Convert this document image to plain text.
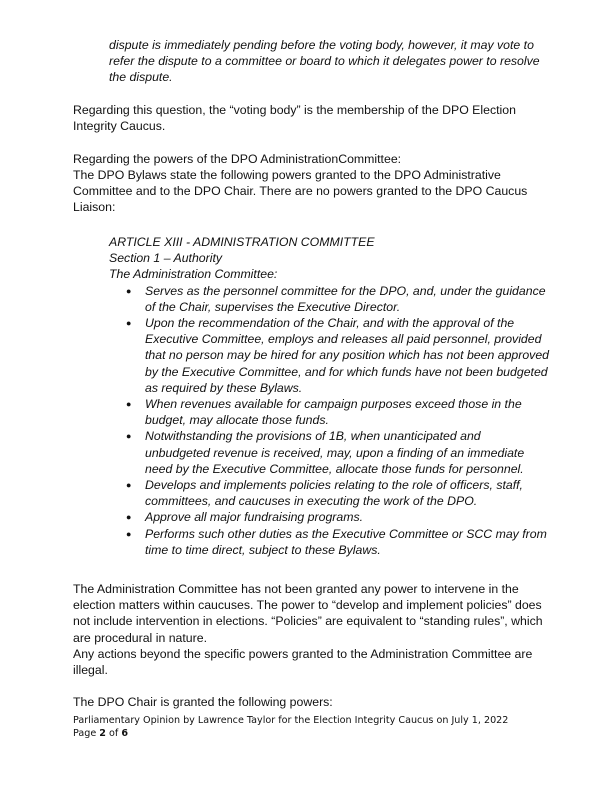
dispute is immediately pending before the voting body, however, it may vote to refer the dispute to a committee or board to which it delegates power to resolve the dispute.

Regarding this question, the “voting body” is the membership of the DPO Election Integrity Caucus.

Regarding the powers of the DPO AdministrationCommittee:

The DPO Bylaws state the following powers granted to the DPO Administrative Committee and to the DPO Chair. There are no powers granted to the DPO Caucus Liaison:

ARTICLE XIII - ADMINISTRATION COMMITTEE

Section 1 – Authority

The Administration Committee:

● Serves as the personnel committee for the DPO, and, under the guidance of the Chair, supervises the Executive Director.
● Upon the recommendation of the Chair, and with the approval of the Executive Committee, employs and releases all paid personnel, provided that no person may be hired for any position which has not been approved by the Executive Committee, and for which funds have not been budgeted as required by these Bylaws.
● When revenues available for campaign purposes exceed those in the budget, may allocate those funds.
● Notwithstanding the provisions of 1B, when unanticipated and unbudgeted revenue is received, may, upon a finding of an immediate need by the Executive Committee, allocate those funds for personnel.
● Develops and implements policies relating to the role of officers, staff, committees, and caucuses in executing the work of the DPO.
● Approve all major fundraising programs.
● Performs such other duties as the Executive Committee or SCC may from time to time direct, subject to these Bylaws.

The Administration Committee has not been granted any power to intervene in the election matters within caucuses. The power to “develop and implement policies” does not include intervention in elections. “Policies” are equivalent to “standing rules”, which are procedural in nature.

Any actions beyond the specific powers granted to the Administration Committee are illegal.

The DPO Chair is granted the following powers:

Parliamentary Opinion by Lawrence Taylor for the Election Integrity Caucus on July 1, 2022
Page 2 of 6
